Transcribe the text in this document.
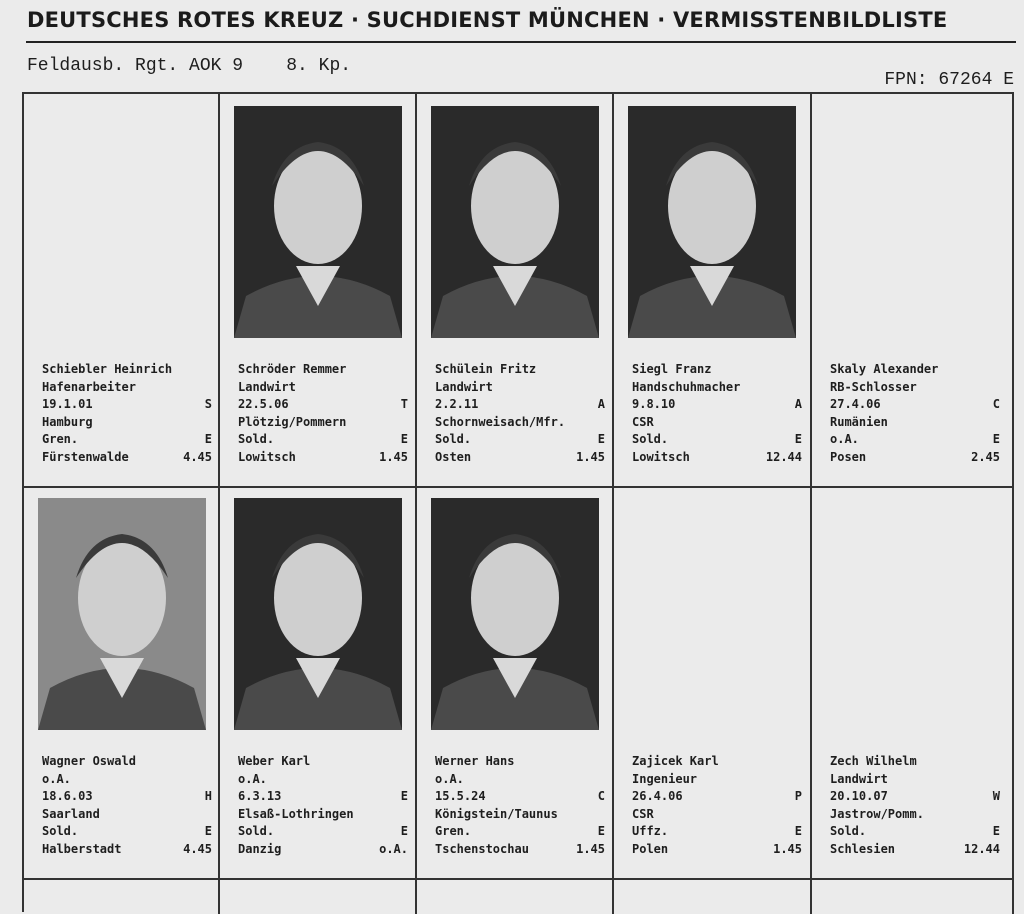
DEUTSCHES ROTES KREUZ · SUCHDIENST MÜNCHEN · VERMISSTENBILDLISTE
Feldausb. Rgt. AOK 9    8. Kp.
FPN: 67264 E
Schiebler Heinrich
Hafenarbeiter
19.1.01	S
Hamburg
Gren.	E
Fürstenwalde	4.45
Schröder Remmer
Landwirt
22.5.06	T
Plötzig/Pommern
Sold.	E
Lowitsch	1.45
Schülein Fritz
Landwirt
2.2.11	A
Schornweisach/Mfr.
Sold.	E
Osten	1.45
Siegl Franz
Handschuhmacher
9.8.10	A
CSR
Sold.	E
Lowitsch	12.44
Skaly Alexander
RB-Schlosser
27.4.06	C
Rumänien
o.A.	E
Posen	2.45
Wagner Oswald
o.A.
18.6.03	H
Saarland
Sold.	E
Halberstadt	4.45
Weber Karl
o.A.
6.3.13	E
Elsaß-Lothringen
Sold.	E
Danzig	o.A.
Werner Hans
o.A.
15.5.24	C
Königstein/Taunus
Gren.	E
Tschenstochau	1.45
Zajicek Karl
Ingenieur
26.4.06	P
CSR
Uffz.	E
Polen	1.45
Zech Wilhelm
Landwirt
20.10.07	W
Jastrow/Pomm.
Sold.	E
Schlesien	12.44
